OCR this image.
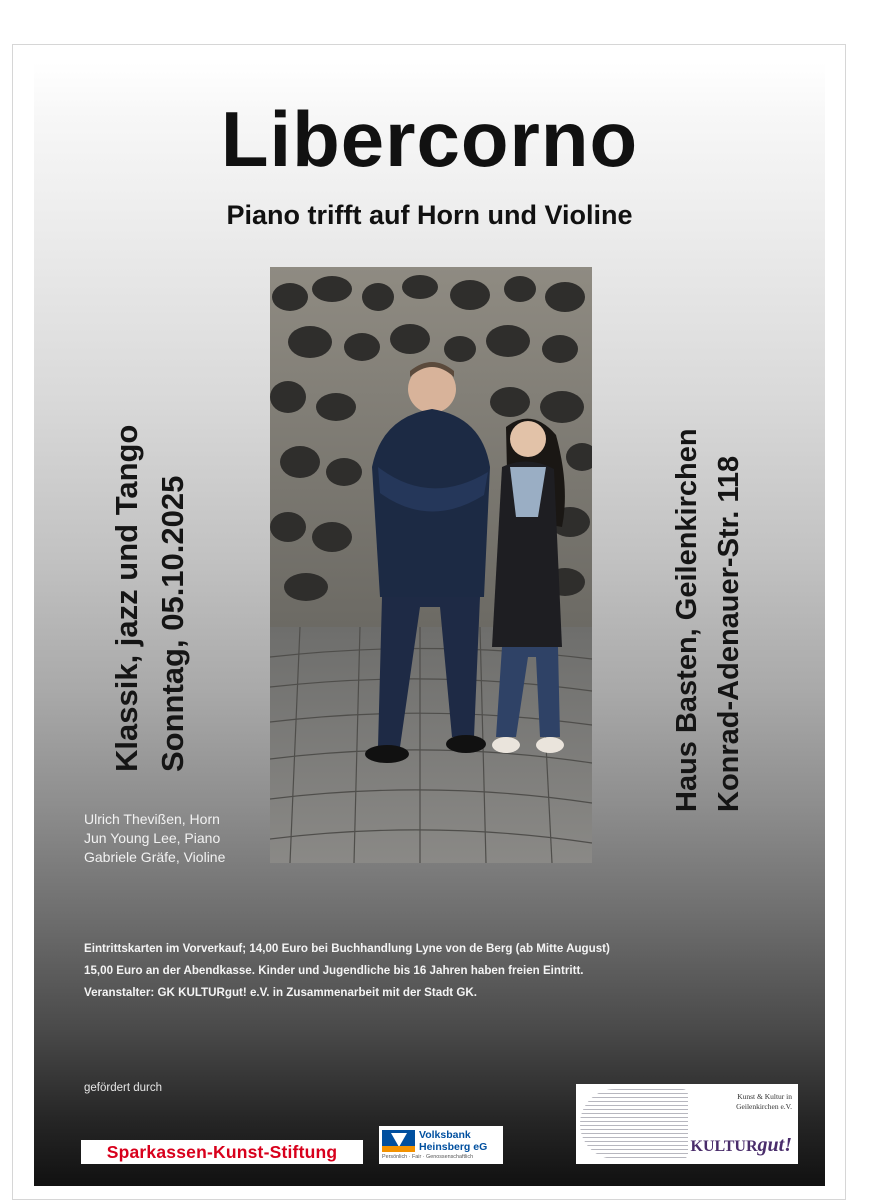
Libercorno
Piano trifft auf Horn und Violine
Klassik, jazz und Tango Sonntag, 05.10.2025	Haus Basten, Geilenkirchen Konrad-Adenauer-Str. 118
Ulrich Thevißen, Horn
Jun Young Lee, Piano
Gabriele Gräfe, Violine
Eintrittskarten im Vorverkauf; 14,00 Euro bei Buchhandlung Lyne von de Berg (ab Mitte August)
15,00 Euro an der Abendkasse. Kinder und Jugendliche bis 16 Jahren haben freien Eintritt.
Veranstalter: GK KULTURgut! e.V. in Zusammenarbeit mit der Stadt GK.
gefördert durch
Sparkassen-Kunst-Stiftung
Volksbank
Heinsberg eG
Persönlich · Fair · Genossenschaftlich
Kunst & Kultur in
Geilenkirchen e.V.
KULTURgut!
